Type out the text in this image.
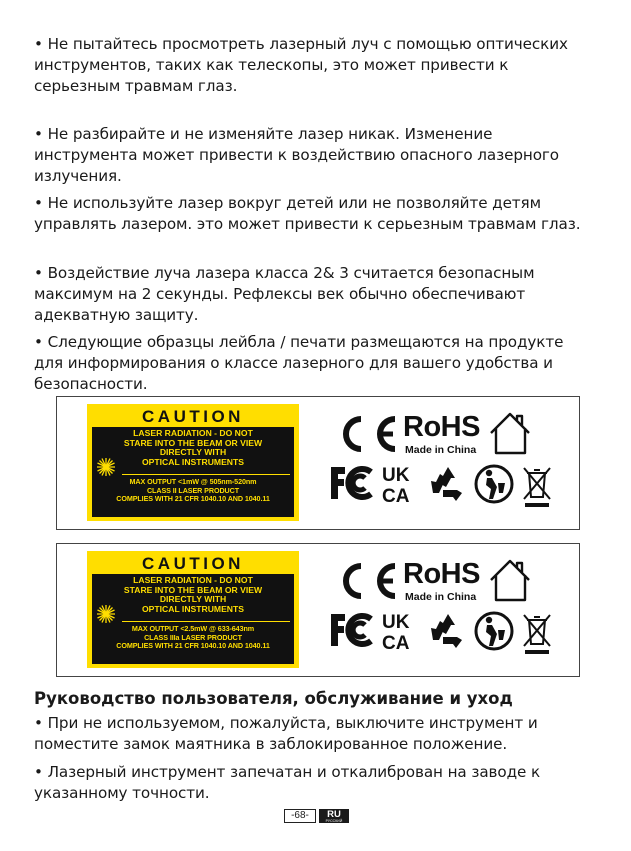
• Не пытайтесь просмотреть лазерный луч с помощью оптических инструментов, таких как телескопы, это может привести к серьезным травмам глаз.

• Не разбирайте и не изменяйте лазер никак. Изменение инструмента может привести к воздействию опасного лазерного излучения.

• Не используйте лазер вокруг детей или не позволяйте детям управлять лазером. это может привести к серьезным травмам глаз.

• Воздействие луча лазера класса 2& 3 считается безопасным максимум на 2 секунды. Рефлексы век обычно обеспечивают адекватную защиту.

• Следующие образцы лейбла / печати размещаются на продукте для информирования о классе лазерного для вашего удобства и безопасности.

CAUTION
LASER RADIATION - DO NOT
STARE INTO THE BEAM OR VIEW
DIRECTLY WITH
OPTICAL INSTRUMENTS
MAX OUTPUT <1mW @ 505nm-520nm
CLASS II LASER PRODUCT
COMPLIES WITH 21 CFR 1040.10 AND 1040.11
RoHS
Made in China
UK
CA
CAUTION
LASER RADIATION - DO NOT
STARE INTO THE BEAM OR VIEW
DIRECTLY WITH
OPTICAL INSTRUMENTS
MAX OUTPUT <2.5mW @ 633-643nm
CLASS IIIa LASER PRODUCT
COMPLIES WITH 21 CFR 1040.10 AND 1040.11
RoHS
Made in China
UK
CA
Руководство пользователя, обслуживание и уход

• При не используемом, пожалуйста, выключите инструмент и поместите замок маятника в заблокированное положение.

• Лазерный инструмент запечатан и откалиброван на заводе к указанному точности.

-68-	RU
РУССКИЙ
